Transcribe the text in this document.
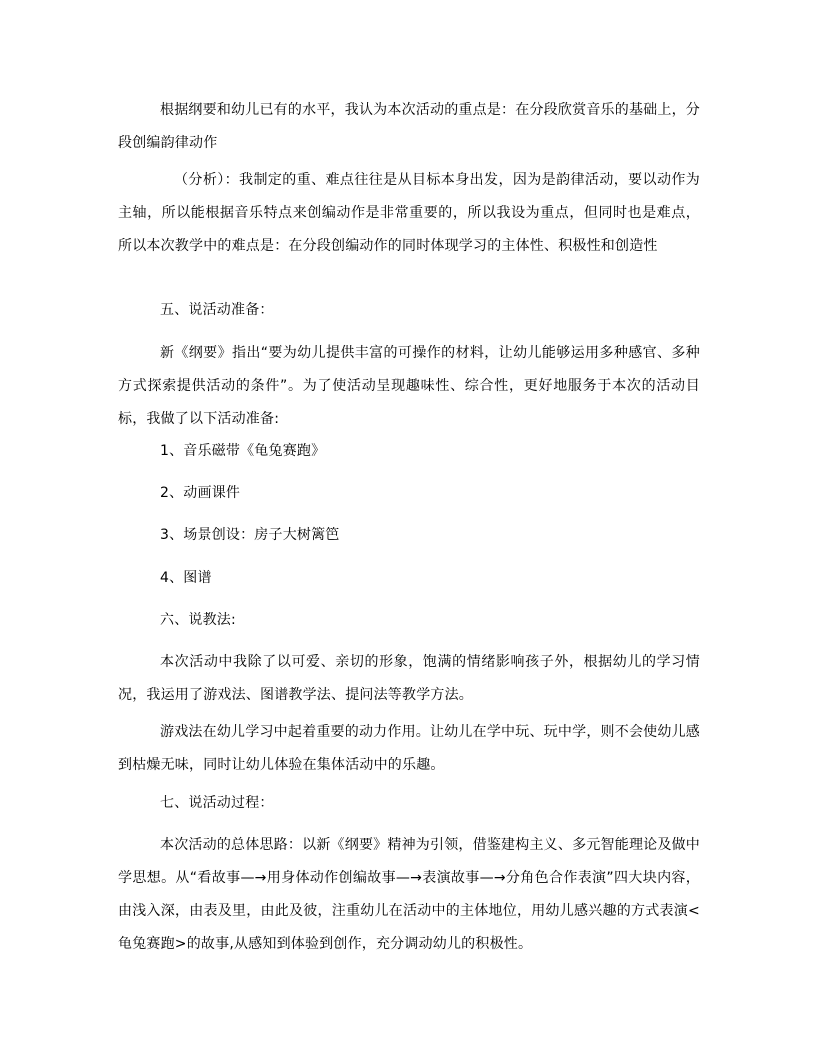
根据纲要和幼儿已有的水平，我认为本次活动的重点是：在分段欣赏音乐的基础上，分段创编韵律动作

（分析）：我制定的重、难点往往是从目标本身出发，因为是韵律活动，要以动作为主轴，所以能根据音乐特点来创编动作是非常重要的，所以我设为重点，但同时也是难点，所以本次教学中的难点是：在分段创编动作的同时体现学习的主体性、积极性和创造性

五、说活动准备：

新《纲要》指出“要为幼儿提供丰富的可操作的材料，让幼儿能够运用多种感官、多种方式探索提供活动的条件”。为了使活动呈现趣味性、综合性，更好地服务于本次的活动目标，我做了以下活动准备:

1、音乐磁带《龟兔赛跑》

2、动画课件

3、场景创设：房子大树篱笆

4、图谱

六、说教法:

本次活动中我除了以可爱、亲切的形象，饱满的情绪影响孩子外，根据幼儿的学习情况，我运用了游戏法、图谱教学法、提问法等教学方法。

游戏法在幼儿学习中起着重要的动力作用。让幼儿在学中玩、玩中学，则不会使幼儿感到枯燥无味，同时让幼儿体验在集体活动中的乐趣。

七、说活动过程：

本次活动的总体思路：以新《纲要》精神为引领，借鉴建构主义、多元智能理论及做中学思想。从“看故事—→用身体动作创编故事—→表演故事—→分角色合作表演”四大块内容，由浅入深，由表及里，由此及彼，注重幼儿在活动中的主体地位，用幼儿感兴趣的方式表演<龟兔赛跑>的故事,从感知到体验到创作，充分调动幼儿的积极性。
